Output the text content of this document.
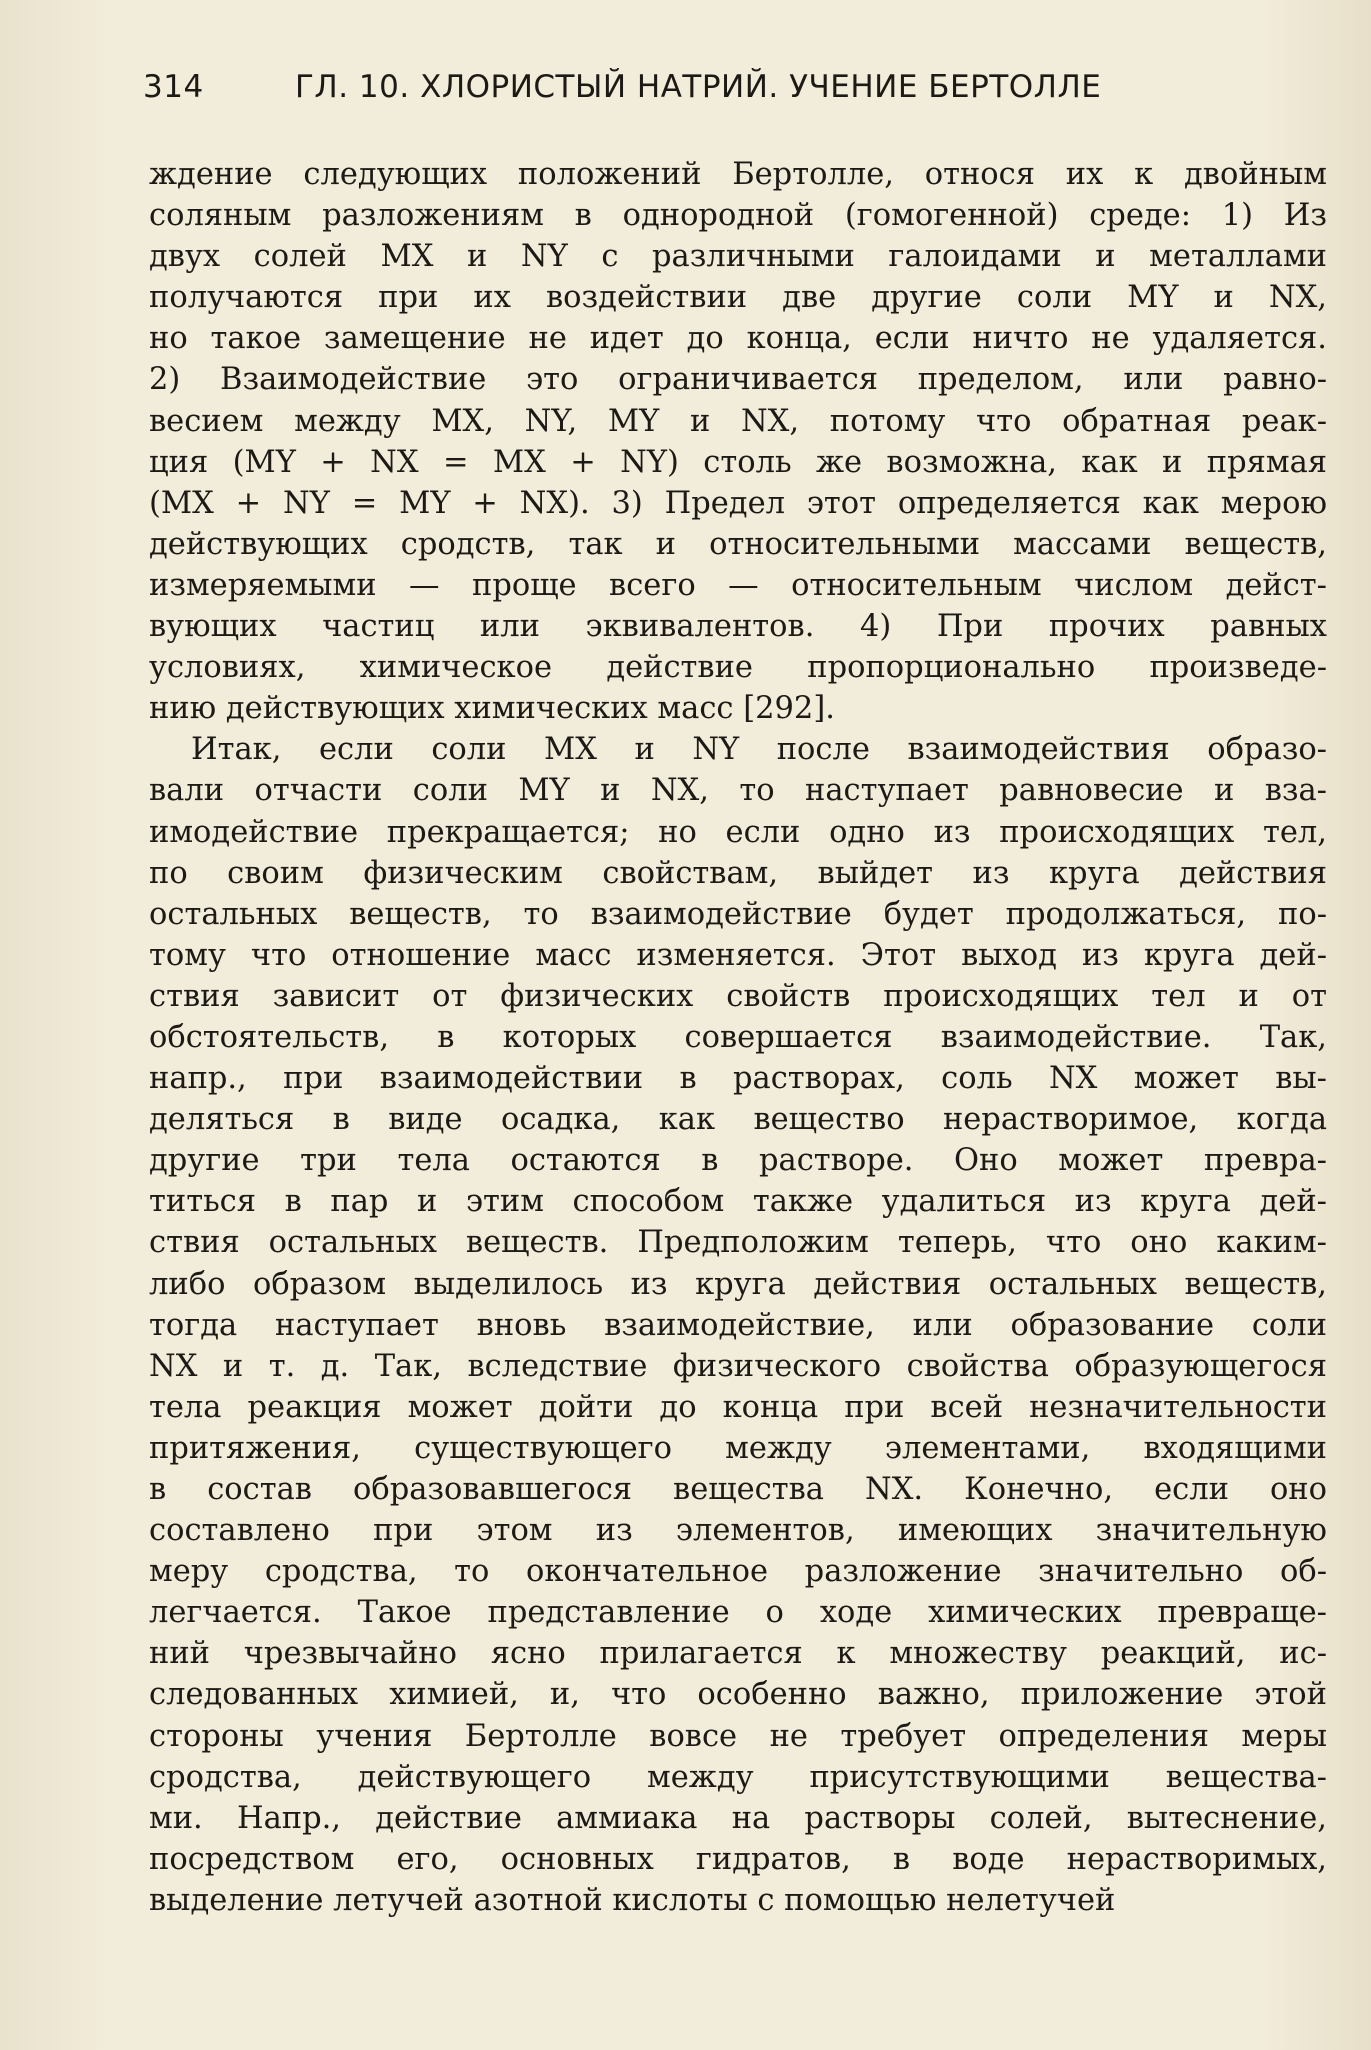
314	ГЛ. 10. ХЛОРИСТЫЙ НАТРИЙ. УЧЕНИЕ БЕРТОЛЛЕ
ждение следующих положений Бертолле, относя их к двойным
соляным разложениям в однородной (гомогенной) среде: 1) Из
двух солей MX и NY с различными галоидами и металлами
получаются при их воздействии две другие соли MY и NX,
но такое замещение не идет до конца, если ничто не удаляется.
2) Взаимодействие это ограничивается пределом, или равно-
весием между MX, NY, MY и NX, потому что обратная реак-
ция (MY + NX = MX + NY) столь же возможна, как и прямая
(MX + NY = MY + NX). 3) Предел этот определяется как мерою
действующих сродств, так и относительными массами веществ,
измеряемыми — проще всего — относительным числом дейст-
вующих частиц или эквивалентов. 4) При прочих равных
условиях, химическое действие пропорционально произведе-
нию действующих химических масс [292].
Итак, если соли MX и NY после взаимодействия образо-
вали отчасти соли MY и NX, то наступает равновесие и вза-
имодействие прекращается; но если одно из происходящих тел,
по своим физическим свойствам, выйдет из круга действия
остальных веществ, то взаимодействие будет продолжаться, по-
тому что отношение масс изменяется. Этот выход из круга дей-
ствия зависит от физических свойств происходящих тел и от
обстоятельств, в которых совершается взаимодействие. Так,
напр., при взаимодействии в растворах, соль NX может вы-
деляться в виде осадка, как вещество нерастворимое, когда
другие три тела остаются в растворе. Оно может превра-
титься в пар и этим способом также удалиться из круга дей-
ствия остальных веществ. Предположим теперь, что оно каким-
либо образом выделилось из круга действия остальных веществ,
тогда наступает вновь взаимодействие, или образование соли
NX и т. д. Так, вследствие физического свойства образующегося
тела реакция может дойти до конца при всей незначительности
притяжения, существующего между элементами, входящими
в состав образовавшегося вещества NX. Конечно, если оно
составлено при этом из элементов, имеющих значительную
меру сродства, то окончательное разложение значительно об-
легчается. Такое представление о ходе химических превраще-
ний чрезвычайно ясно прилагается к множеству реакций, ис-
следованных химией, и, что особенно важно, приложение этой
стороны учения Бертолле вовсе не требует определения меры
сродства, действующего между присутствующими вещества-
ми. Напр., действие аммиака на растворы солей, вытеснение,
посредством его, основных гидратов, в воде нерастворимых,
выделение летучей азотной кислоты с помощью нелетучей
